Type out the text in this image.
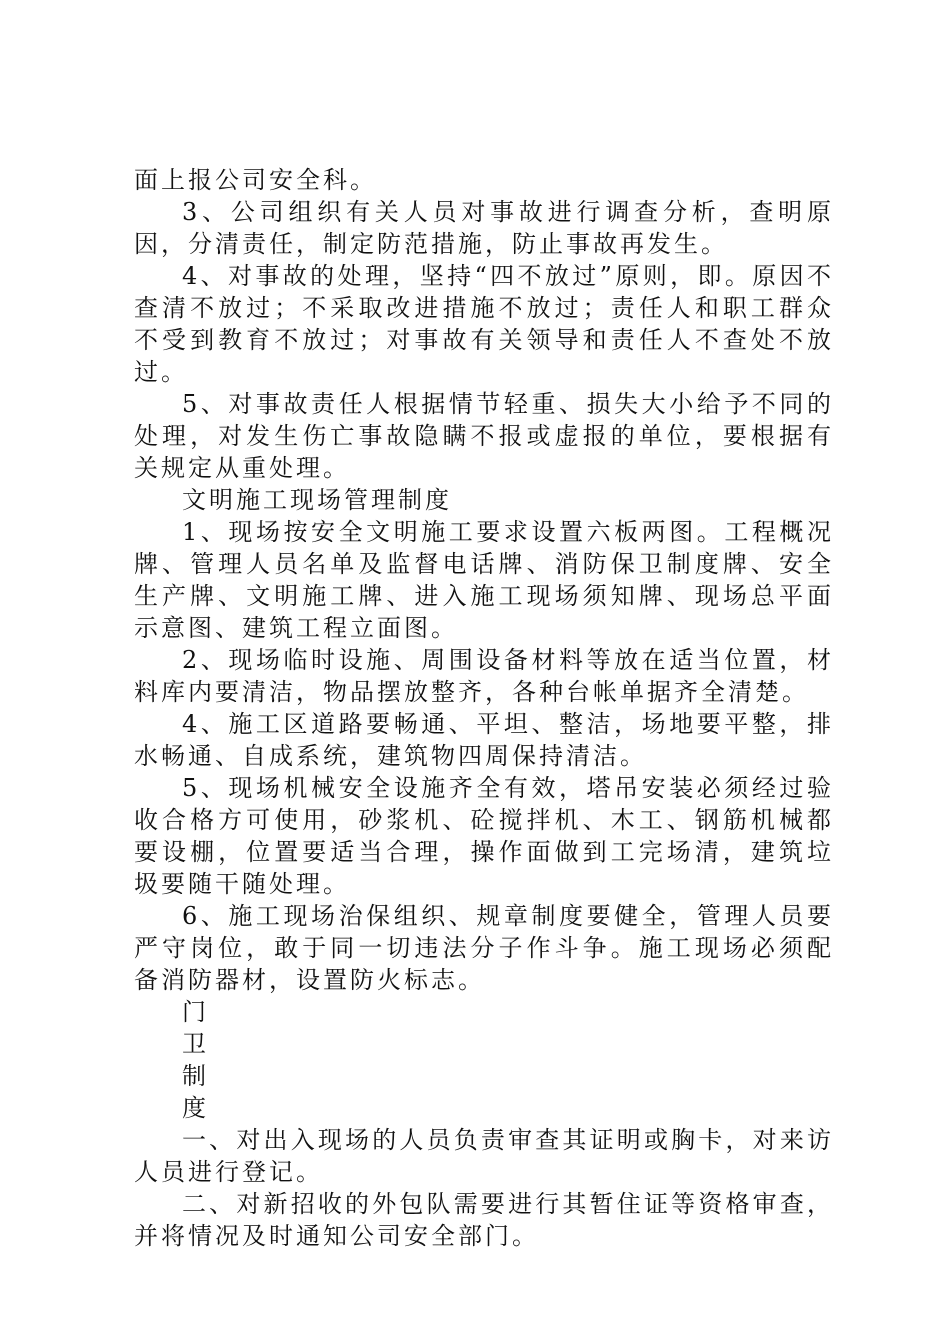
面上报公司安全科。

3、公司组织有关人员对事故进行调查分析，查明原因，分清责任，制定防范措施，防止事故再发生。

4、对事故的处理，坚持“四不放过”原则，即。原因不查清不放过；不采取改进措施不放过；责任人和职工群众不受到教育不放过；对事故有关领导和责任人不查处不放过。

5、对事故责任人根据情节轻重、损失大小给予不同的处理，对发生伤亡事故隐瞒不报或虚报的单位，要根据有关规定从重处理。

文明施工现场管理制度

1、现场按安全文明施工要求设置六板两图。工程概况牌、管理人员名单及监督电话牌、消防保卫制度牌、安全生产牌、文明施工牌、进入施工现场须知牌、现场总平面示意图、建筑工程立面图。

2、现场临时设施、周围设备材料等放在适当位置，材料库内要清洁，物品摆放整齐，各种台帐单据齐全清楚。

4、施工区道路要畅通、平坦、整洁，场地要平整，排水畅通、自成系统，建筑物四周保持清洁。

5、现场机械安全设施齐全有效，塔吊安装必须经过验收合格方可使用，砂浆机、砼搅拌机、木工、钢筋机械都要设棚，位置要适当合理，操作面做到工完场清，建筑垃圾要随干随处理。

6、施工现场治保组织、规章制度要健全，管理人员要严守岗位，敢于同一切违法分子作斗争。施工现场必须配备消防器材，设置防火标志。

门

卫

制

度

一、对出入现场的人员负责审查其证明或胸卡，对来访人员进行登记。

二、对新招收的外包队需要进行其暂住证等资格审查，并将情况及时通知公司安全部门。
